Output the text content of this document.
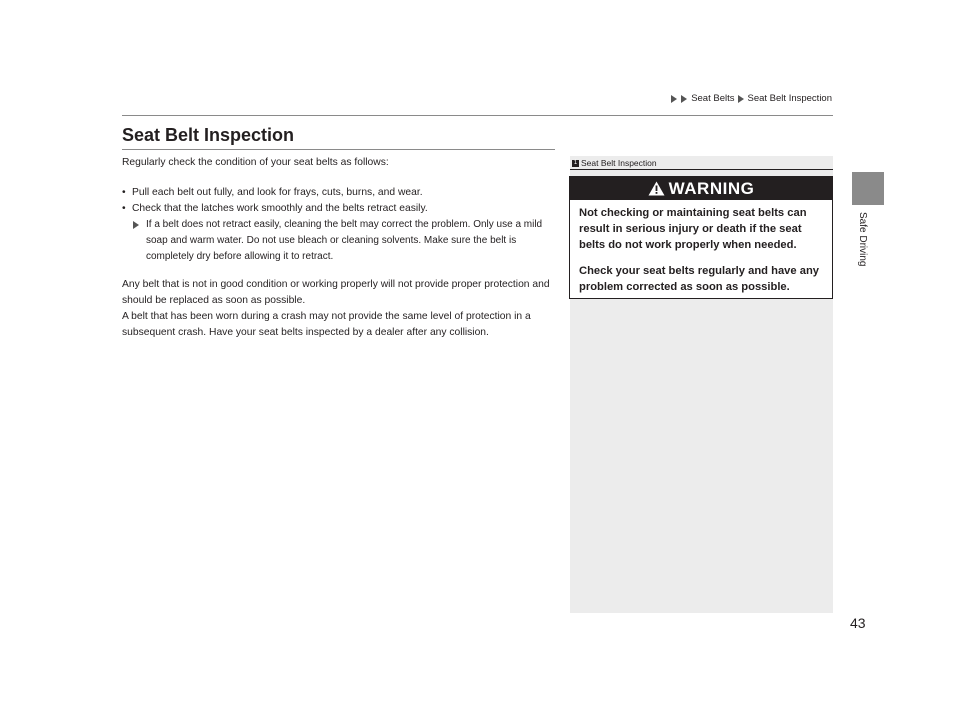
Seat Belts Seat Belt Inspection
Seat Belt Inspection

Regularly check the condition of your seat belts as follows:

• Pull each belt out fully, and look for frays, cuts, burns, and wear.

• Check that the latches work smoothly and the belts retract easily.

If a belt does not retract easily, cleaning the belt may correct the problem. Only use a mild soap and warm water. Do not use bleach or cleaning solvents. Make sure the belt is completely dry before allowing it to retract.

Any belt that is not in good condition or working properly will not provide proper protection and should be replaced as soon as possible.

A belt that has been worn during a crash may not provide the same level of protection in a subsequent crash. Have your seat belts inspected by a dealer after any collision.

1 Seat Belt Inspection
WARNING

Not checking or maintaining seat belts can result in serious injury or death if the seat belts do not work properly when needed.

Check your seat belts regularly and have any problem corrected as soon as possible.

Safe Driving
43
